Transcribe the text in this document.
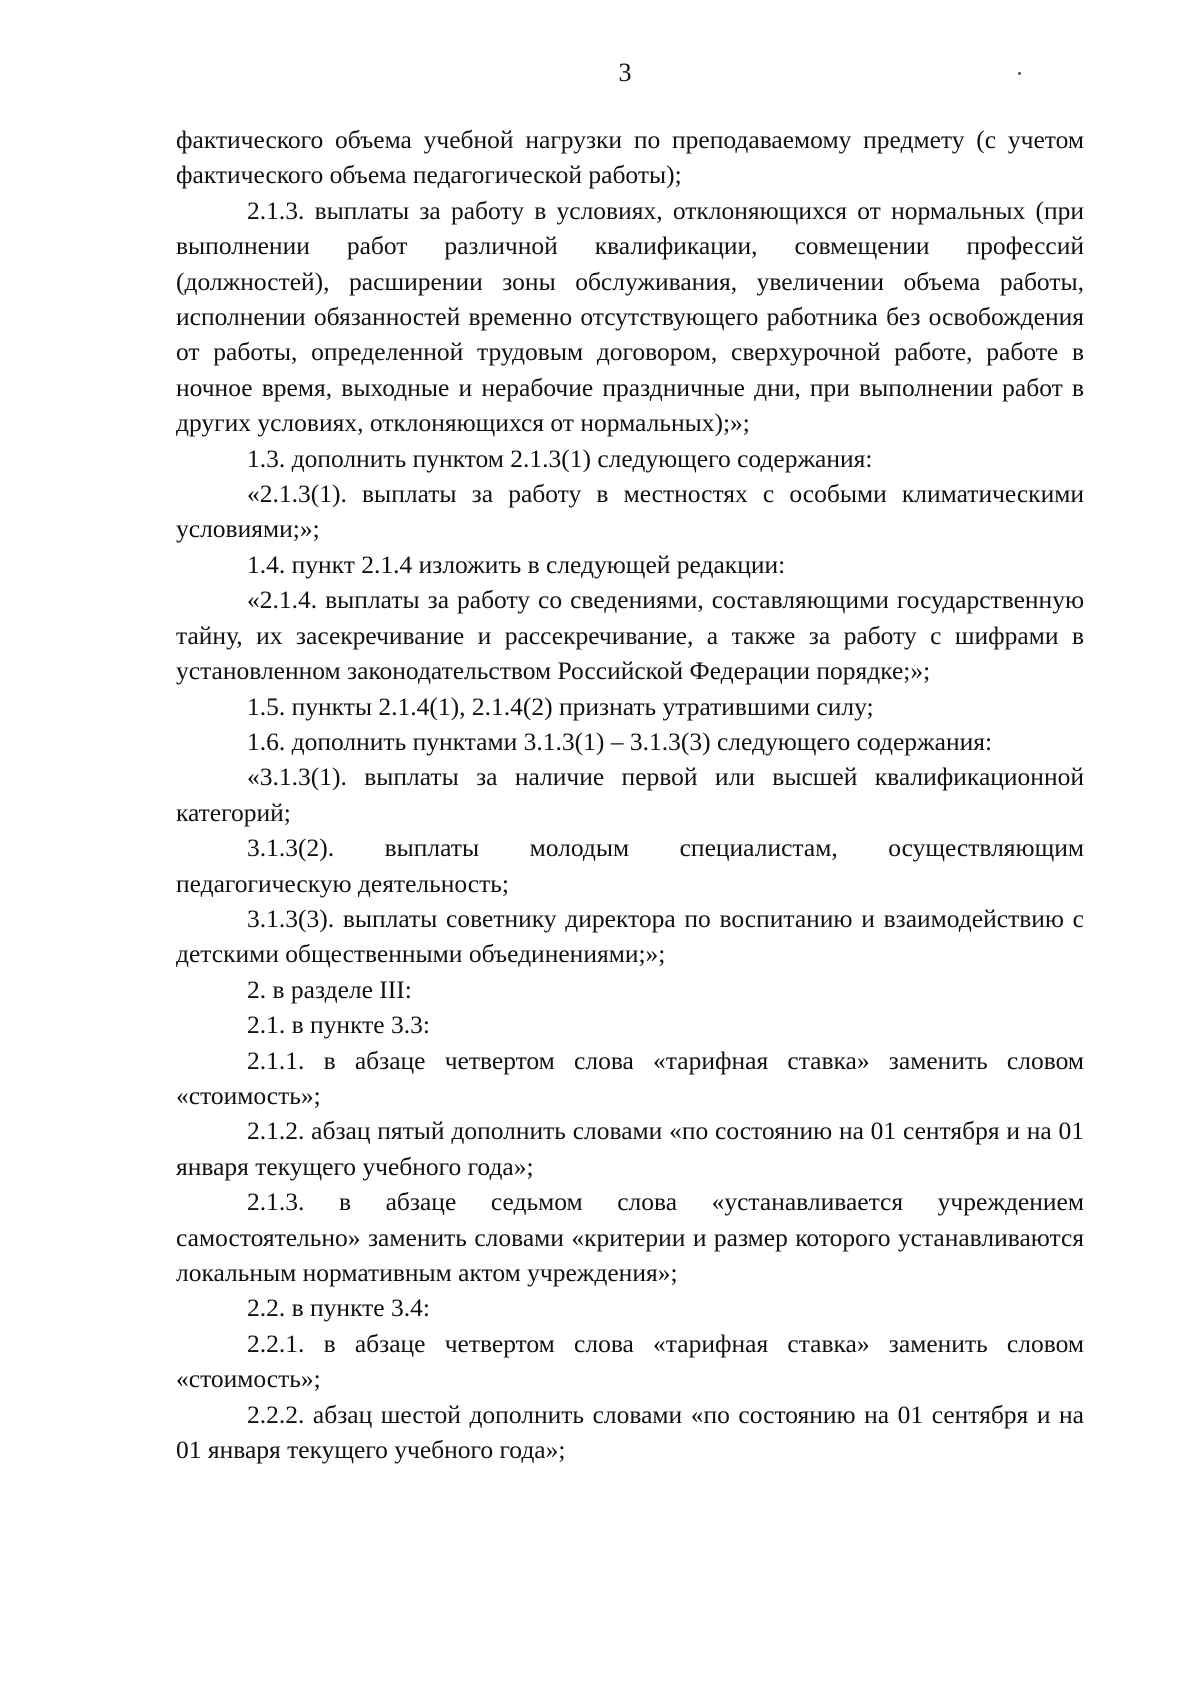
3

фактического объема учебной нагрузки по преподаваемому предмету (с учетом фактического объема педагогической работы);

2.1.3. выплаты за работу в условиях, отклоняющихся от нормальных (при выполнении работ различной квалификации, совмещении профессий (должностей), расширении зоны обслуживания, увеличении объема работы, исполнении обязанностей временно отсутствующего работника без освобождения от работы, определенной трудовым договором, сверхурочной работе, работе в ночное время, выходные и нерабочие праздничные дни, при выполнении работ в других условиях, отклоняющихся от нормальных);»;

1.3. дополнить пунктом 2.1.3(1) следующего содержания:

«2.1.3(1). выплаты за работу в местностях с особыми климатическими условиями;»;

1.4. пункт 2.1.4 изложить в следующей редакции:

«2.1.4. выплаты за работу со сведениями, составляющими государственную тайну, их засекречивание и рассекречивание, а также за работу с шифрами в установленном законодательством Российской Федерации порядке;»;

1.5. пункты 2.1.4(1), 2.1.4(2) признать утратившими силу;

1.6. дополнить пунктами 3.1.3(1) – 3.1.3(3) следующего содержания:

«3.1.3(1). выплаты за наличие первой или высшей квалификационной категорий;

3.1.3(2). выплаты молодым специалистам, осуществляющим педагогическую деятельность;

3.1.3(3). выплаты советнику директора по воспитанию и взаимодействию с детскими общественными объединениями;»;

2. в разделе III:

2.1. в пункте 3.3:

2.1.1. в абзаце четвертом слова «тарифная ставка» заменить словом «стоимость»;

2.1.2. абзац пятый дополнить словами «по состоянию на 01 сентября и на 01 января текущего учебного года»;

2.1.3. в абзаце седьмом слова «устанавливается учреждением самостоятельно» заменить словами «критерии и размер которого устанавливаются локальным нормативным актом учреждения»;

2.2. в пункте 3.4:

2.2.1. в абзаце четвертом слова «тарифная ставка» заменить словом «стоимость»;

2.2.2. абзац шестой дополнить словами «по состоянию на 01 сентября и на 01 января текущего учебного года»;
